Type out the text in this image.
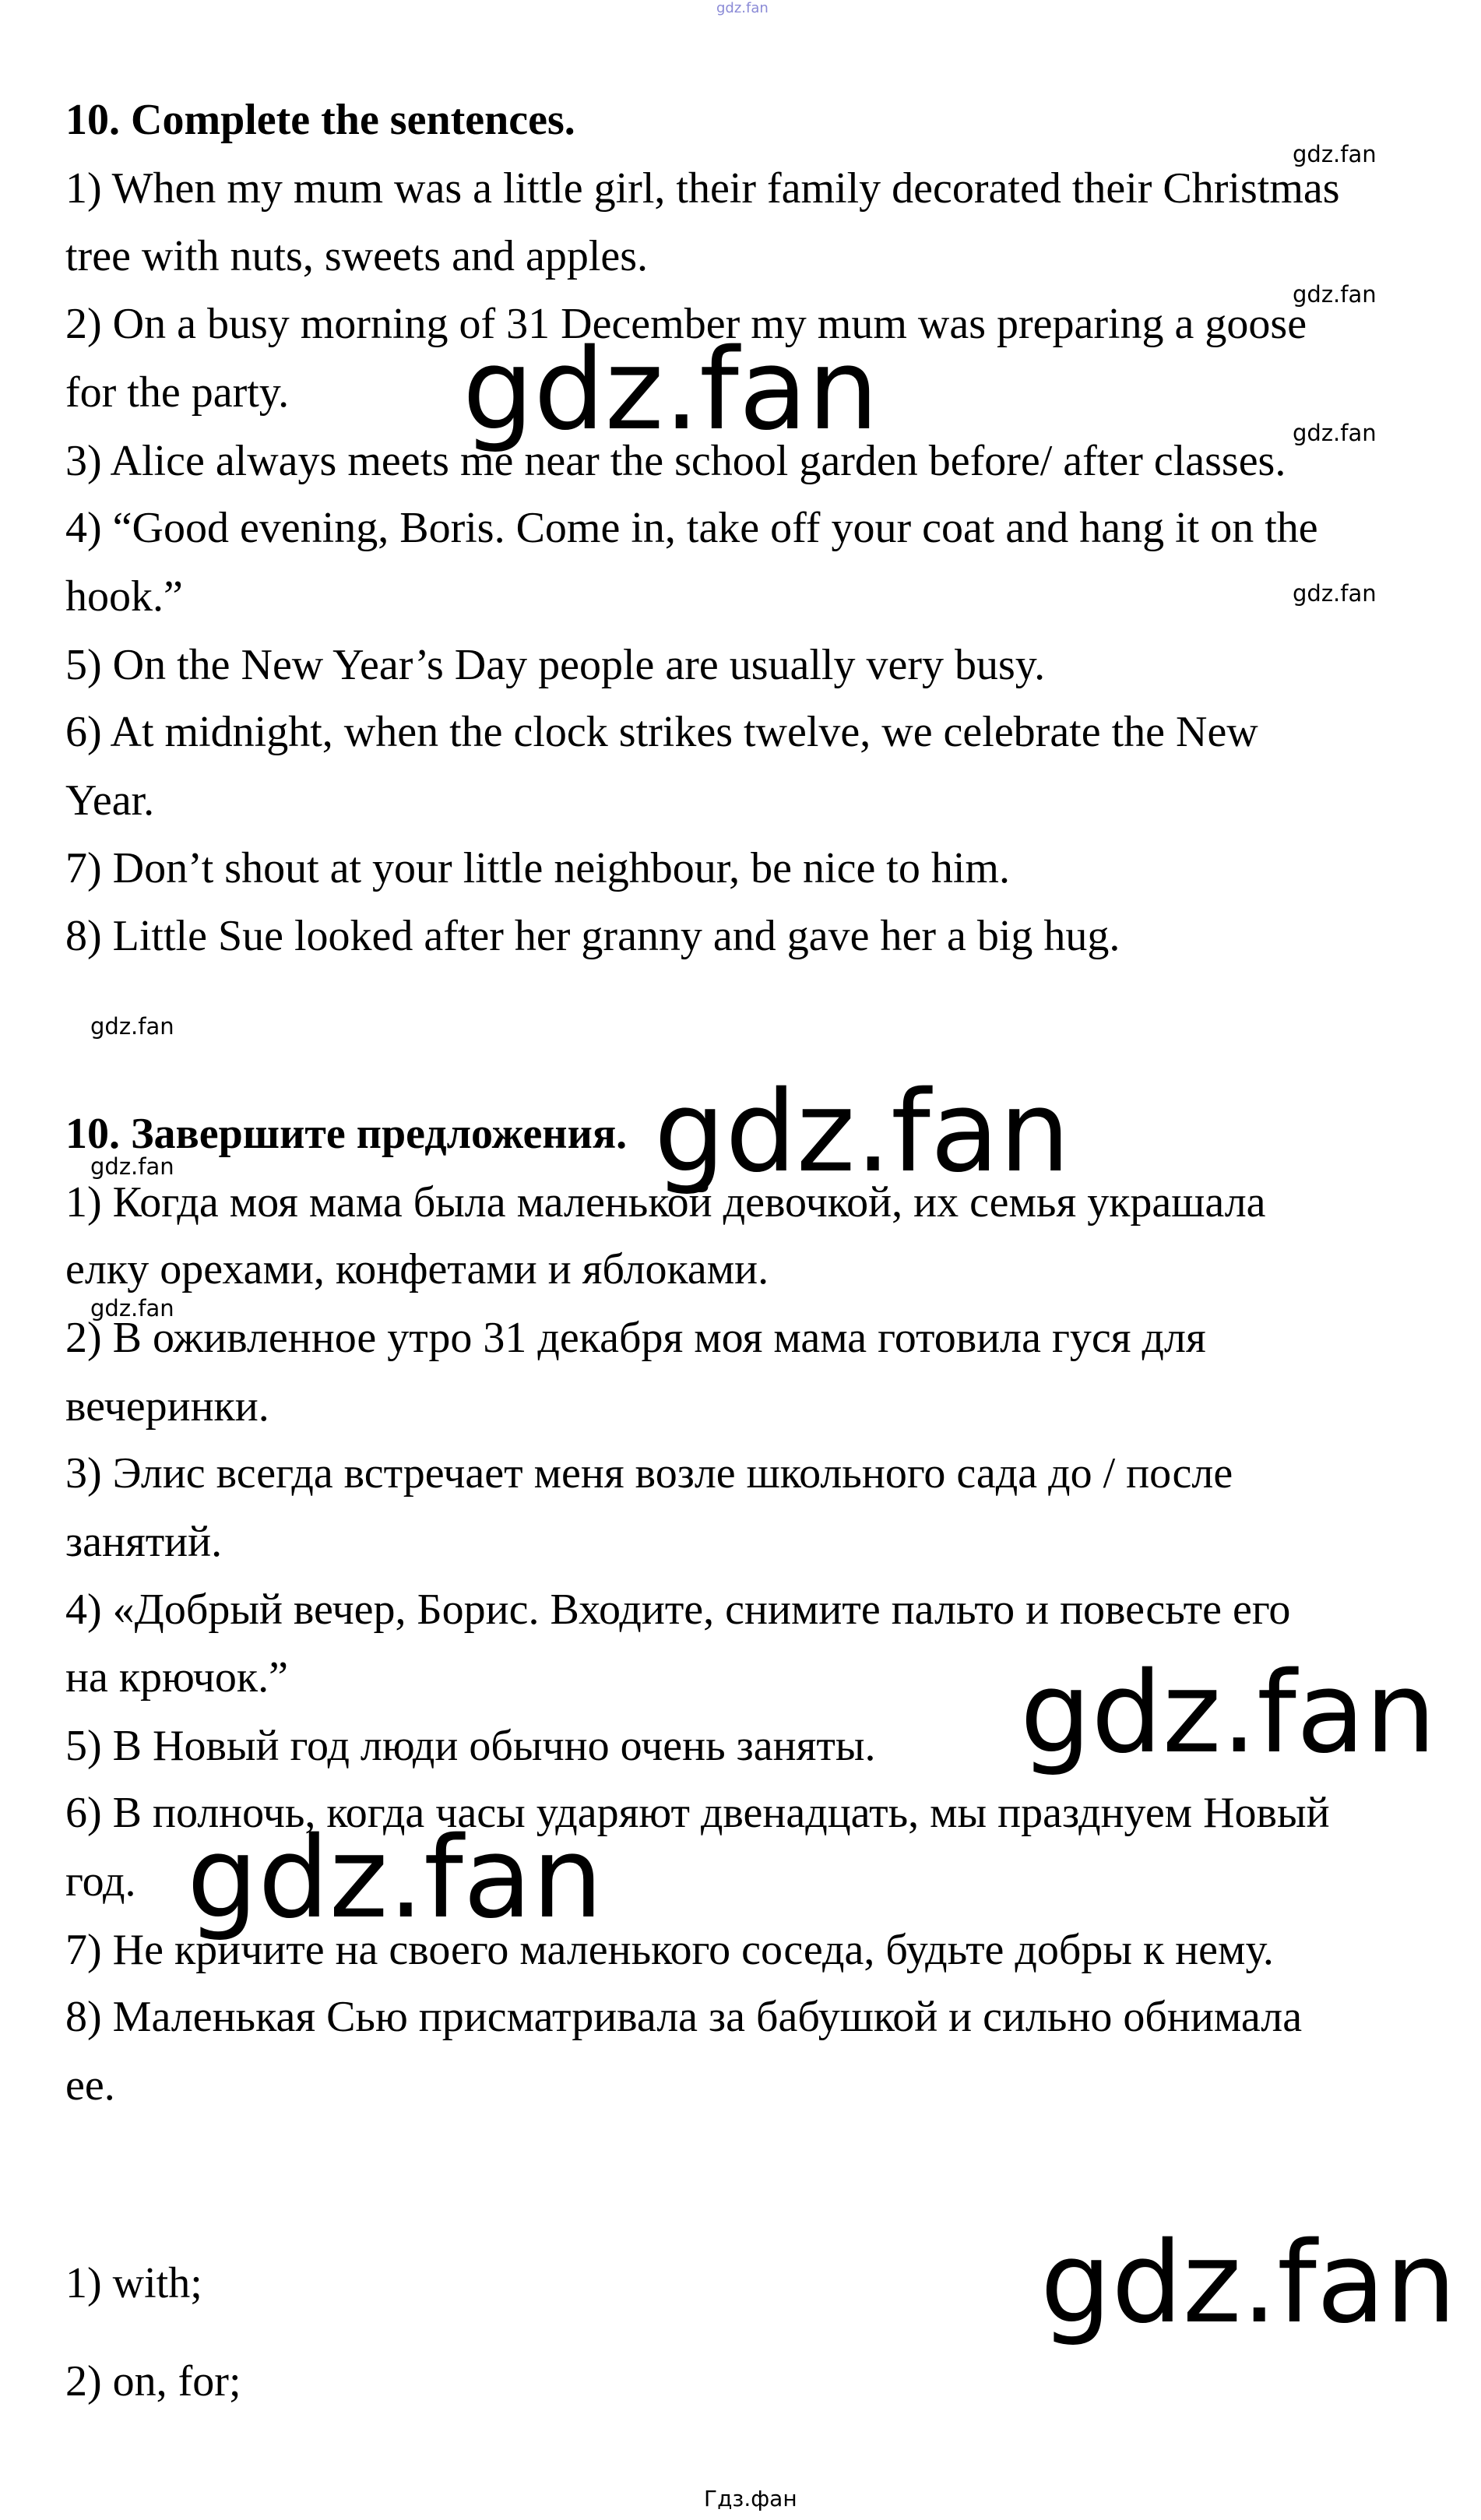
gdz.fan
10. Complete the sentences.
1) When my mum was a little girl, their family decorated their Christmas
tree with nuts, sweets and apples.
2) On a busy morning of 31 December my mum was preparing a goose
for the party.
3) Alice always meets me near the school garden before/ after classes.
4) “Good evening, Boris. Come in, take off your coat and hang it on the
hook.”
5) On the New Year’s Day people are usually very busy.
6) At midnight, when the clock strikes twelve, we celebrate the New
Year.
7) Don’t shout at your little neighbour, be nice to him.
8) Little Sue looked after her granny and gave her a big hug.
10. Завершите предложения.
1) Когда моя мама была маленькой девочкой, их семья украшала
елку орехами, конфетами и яблоками.
2) В оживленное утро 31 декабря моя мама готовила гуся для
вечеринки.
3) Элис всегда встречает меня возле школьного сада до / после
занятий.
4) «Добрый вечер, Борис. Входите, снимите пальто и повесьте его
на крючок.”
5) В Новый год люди обычно очень заняты.
6) В полночь, когда часы ударяют двенадцать, мы празднуем Новый
год.
7) Не кричите на своего маленького соседа, будьте добры к нему.
8) Маленькая Сью присматривала за бабушкой и сильно обнимала
ее.
1) with;
2) on, for;
gdz.fan
gdz.fan
gdz.fan
gdz.fan
gdz.fan
gdz.fan
gdz.fan
gdz.fan
gdz.fan
gdz.fan
gdz.fan
gdz.fan
Гдз.фан
